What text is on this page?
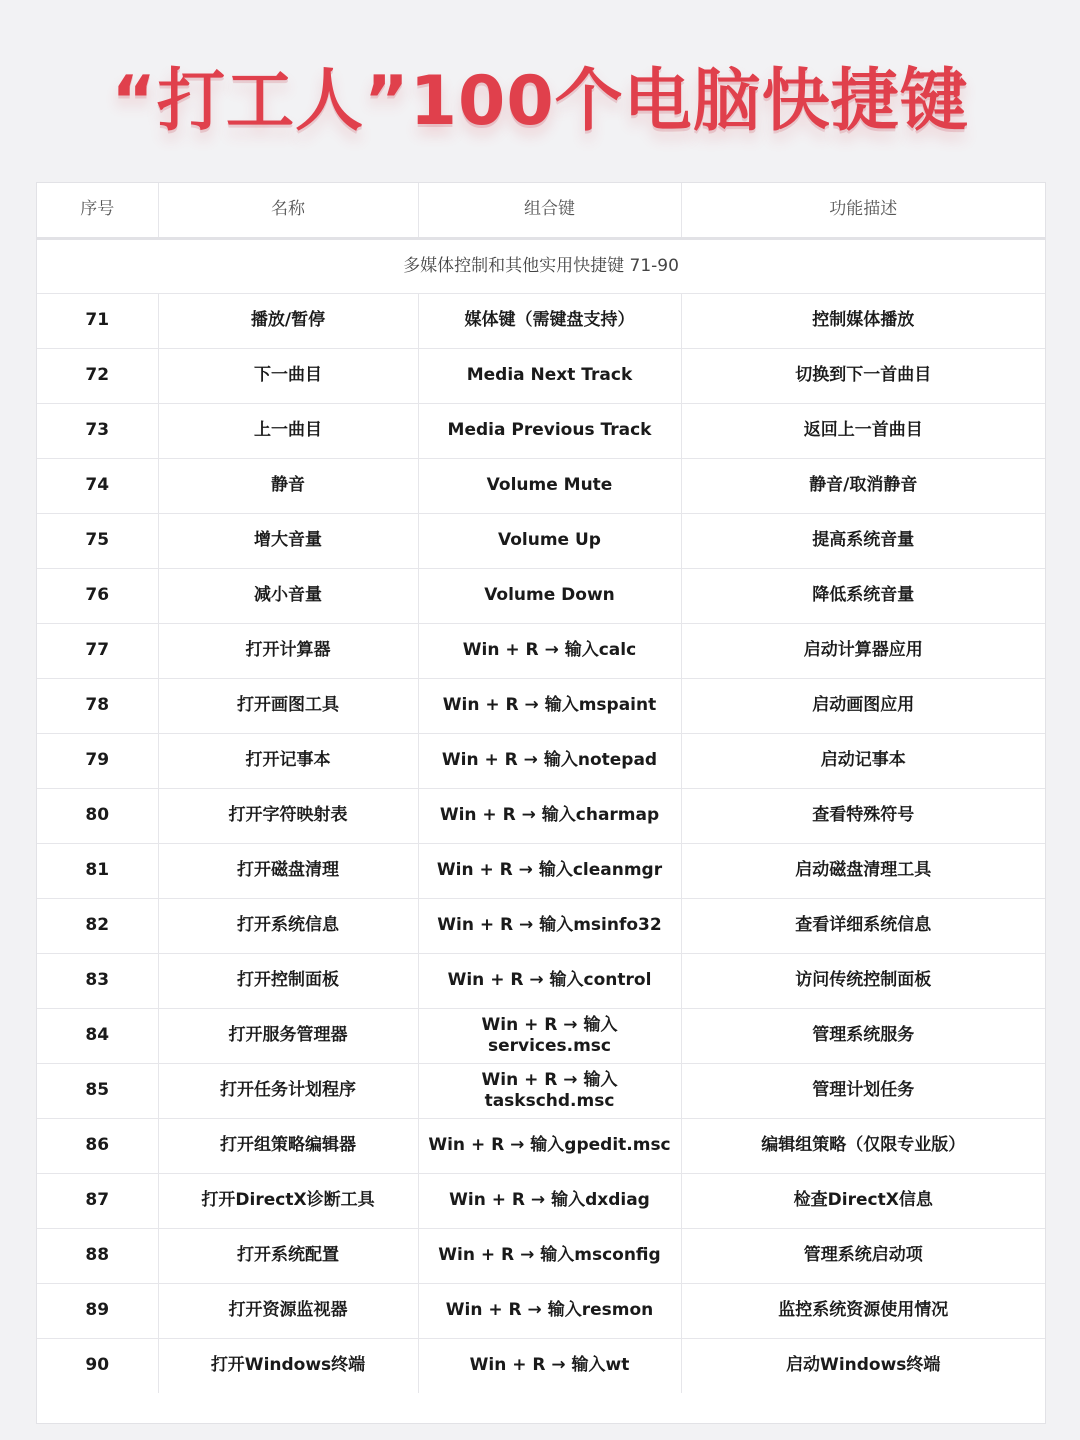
“打工人”100个电脑快捷键
序号	名称	组合键	功能描述
多媒体控制和其他实用快捷键 71-90			
71	播放/暂停	媒体键（需键盘支持）	控制媒体播放
72	下一曲目	Media Next Track	切换到下一首曲目
73	上一曲目	Media Previous Track	返回上一首曲目
74	静音	Volume Mute	静音/取消静音
75	增大音量	Volume Up	提高系统音量
76	减小音量	Volume Down	降低系统音量
77	打开计算器	Win + R → 输入calc	启动计算器应用
78	打开画图工具	Win + R → 输入mspaint	启动画图应用
79	打开记事本	Win + R → 输入notepad	启动记事本
80	打开字符映射表	Win + R → 输入charmap	查看特殊符号
81	打开磁盘清理	Win + R → 输入cleanmgr	启动磁盘清理工具
82	打开系统信息	Win + R → 输入msinfo32	查看详细系统信息
83	打开控制面板	Win + R → 输入control	访问传统控制面板
84	打开服务管理器	Win + R → 输入 services.msc	管理系统服务
85	打开任务计划程序	Win + R → 输入 taskschd.msc	管理计划任务
86	打开组策略编辑器	Win + R → 输入gpedit.msc	编辑组策略（仅限专业版）
87	打开DirectX诊断工具	Win + R → 输入dxdiag	检查DirectX信息
88	打开系统配置	Win + R → 输入msconfig	管理系统启动项
89	打开资源监视器	Win + R → 输入resmon	监控系统资源使用情况
90	打开Windows终端	Win + R → 输入wt	启动Windows终端
